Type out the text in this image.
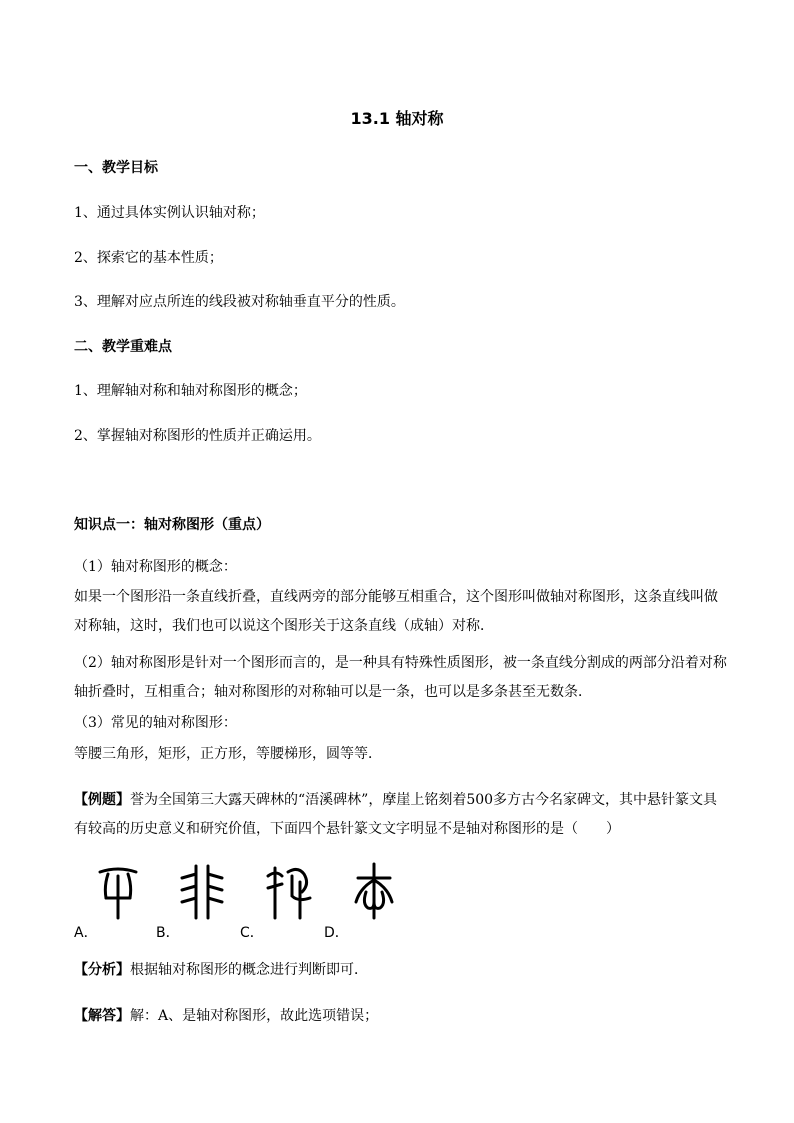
13.1 轴对称
一、教学目标
1、通过具体实例认识轴对称；
2、探索它的基本性质；
3、理解对应点所连的线段被对称轴垂直平分的性质。
二、教学重难点
1、理解轴对称和轴对称图形的概念；
2、掌握轴对称图形的性质并正确运用。
知识点一：轴对称图形（重点）
（1）轴对称图形的概念：
如果一个图形沿一条直线折叠，直线两旁的部分能够互相重合，这个图形叫做轴对称图形，这条直线叫做对称轴，这时，我们也可以说这个图形关于这条直线（成轴）对称．
（2）轴对称图形是针对一个图形而言的，是一种具有特殊性质图形，被一条直线分割成的两部分沿着对称轴折叠时，互相重合；轴对称图形的对称轴可以是一条，也可以是多条甚至无数条．
（3）常见的轴对称图形：
等腰三角形，矩形，正方形，等腰梯形，圆等等．
【例题】誉为全国第三大露天碑林的“浯溪碑林”，摩崖上铭刻着500多方古今名家碑文，其中悬针篆文具有较高的历史意义和研究价值，下面四个悬针篆文文字明显不是轴对称图形的是（　　）
A．	B．	C．	D．
【分析】根据轴对称图形的概念进行判断即可．
【解答】解：A、是轴对称图形，故此选项错误；
